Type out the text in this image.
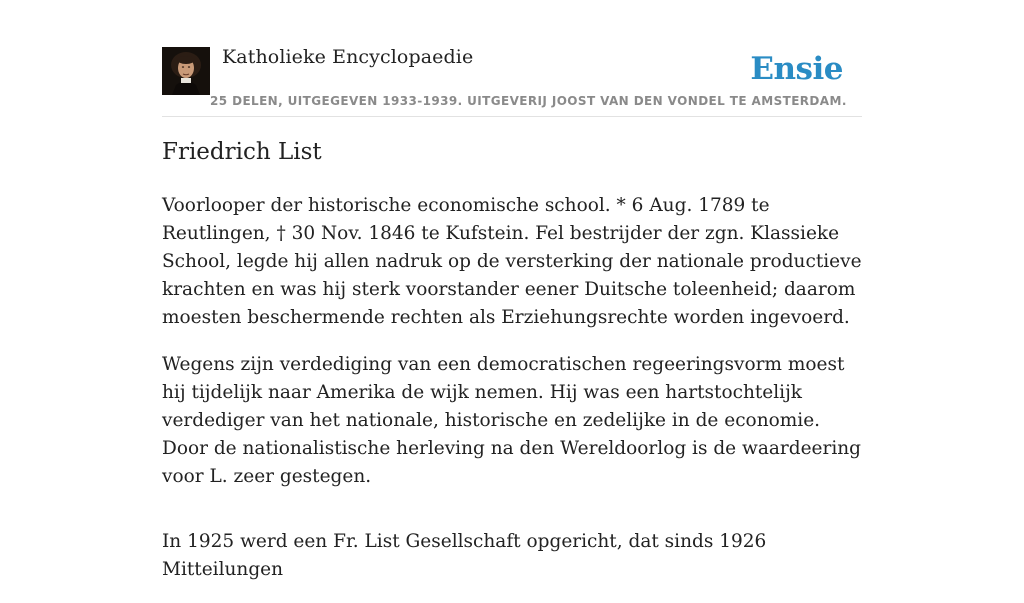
Katholieke Encyclopaedie
25 DELEN, UITGEGEVEN 1933-1939. UITGEVERIJ JOOST VAN DEN VONDEL TE AMSTERDAM.
Ensie
Friedrich List

Voorlooper der historische economische school. * 6 Aug. 1789 te Reutlingen, † 30 Nov. 1846 te Kufstein. Fel bestrijder der zgn. Klassieke School, legde hij allen nadruk op de versterking der nationale productieve krachten en was hij sterk voorstander eener Duitsche toleenheid; daarom moesten beschermende rechten als Erziehungsrechte worden ingevoerd.

Wegens zijn verdediging van een democratischen regeeringsvorm moest hij tijdelijk naar Amerika de wijk nemen. Hij was een hartstochtelijk verdediger van het nationale, historische en zedelijke in de economie. Door de nationalistische herleving na den Wereldoorlog is de waardeering voor L. zeer gestegen.

In 1925 werd een Fr. List Gesellschaft opgericht, dat sinds 1926 Mitteilungen
